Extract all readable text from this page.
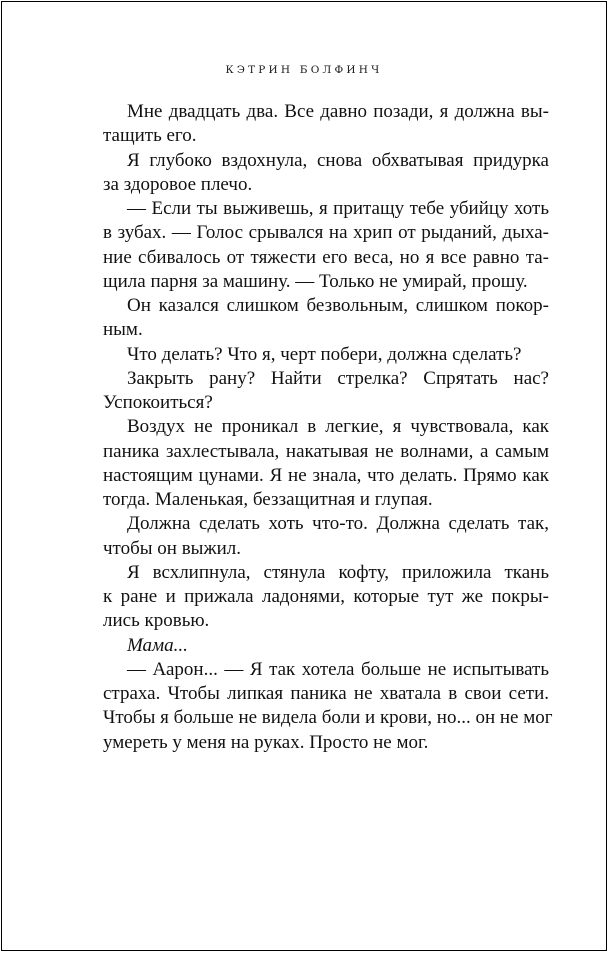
КЭТРИН БОЛФИНЧ
Мне двадцать два. Все давно позади, я должна вы-
тащить его.
Я глубоко вздохнула, снова обхватывая придурка
за здоровое плечо.
— Если ты выживешь, я притащу тебе убийцу хоть
в зубах. — Голос срывался на хрип от рыданий, дыха-
ние сбивалось от тяжести его веса, но я все равно та-
щила парня за машину. — Только не умирай, прошу.
Он казался слишком безвольным, слишком покор-
ным.
Что делать? Что я, черт побери, должна сделать?
Закрыть рану? Найти стрелка? Спрятать нас?
Успокоиться?
Воздух не проникал в легкие, я чувствовала, как
паника захлестывала, накатывая не волнами, а самым
настоящим цунами. Я не знала, что делать. Прямо как
тогда. Маленькая, беззащитная и глупая.
Должна сделать хоть что-то. Должна сделать так,
чтобы он выжил.
Я всхлипнула, стянула кофту, приложила ткань
к ране и прижала ладонями, которые тут же покры-
лись кровью.
Мама...
— Аарон... — Я так хотела больше не испытывать
страха. Чтобы липкая паника не хватала в свои сети.
Чтобы я больше не видела боли и крови, но... он не мог
умереть у меня на руках. Просто не мог.
